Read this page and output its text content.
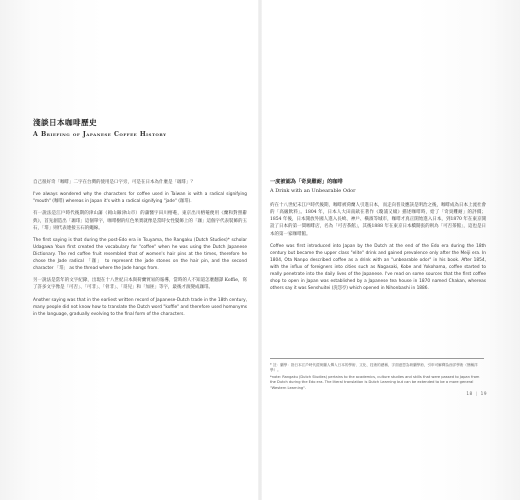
淺談日本咖啡歷史
A Briefing of Japanese Coffee History

自己很好奇「咖啡」二字在台灣的使用是口字旁，可是在日本為什麼是「珈琲」？

I've always wondered why the characters for coffee used in Taiwan is with a radical signifying "mouth" (咖啡) whereas in Japan it's with a radical signifying "jade" (珈琲).

有一說法是江戶時代後期的津山藩（岡山縣津山市）的藩醫宇田川榕菴，東京出川榕菴便用《蘭和對照辭典》，首先創造出「珈琲」這個單字，咖啡樹的紅色果實就像是當時女性髮飾上的「珈」這個字代表裝飾的玉石，「琲」則代表連接玉石的繩線。

The first saying is that during the post-Edo era in Tsuyama, the Rangaku (Dutch Studies)* scholar Udagawa Youn first created the vocabulary for "coffee" when he was using the Dutch Japanese Dictionary. The red coffee fruit resembled that of women's hair pins at the times, therefore he chose the Jade radical 「珈」 to represent the jade stones on the hair pin, and the second character 「琲」 as the thread where the Jade hangs from.

另一說法是當年的文字紀錄，出現在十八世紀日本與荷蘭貿易的報導，當時的人不知道怎麼翻譯 Koffie，寫了許多文字像是「可否」、「可非」、「骨非」、「哥兒」和「加匪」等字，最後才演變成珈琲。

Another saying was that in the earliest written record of Japanese-Dutch trade in the 18th century, many people did not know how to translate the Dutch word "koffie" and therefore used homonyms in the language, gradually evolving to the final form of the characters.

一度被認為「奇臭難耐」的咖啡
A Drink with an Unbearable Odor

約在十八世紀末江戶時代後期，咖啡被荷蘭人引進日本，而走向普及應該是明治之後，咖啡成為日本上流社會的「高級飲料」。1804 年，日本人大田南畝在著作《瓊浦又綴》描述咖啡時，給了「奇臭難耐」的評價；1854 年後，日本開放外國人進入長崎、神戶、橫濱等城市，咖啡才真正開始進入日本，到1870 年在東京開設了日本的第一間咖啡店，名為「可否茶館」，其後1888 年在東京日本橋開張的則為「可否茶館」，這也是日本的第一家咖啡館。

Coffee was first introduced into Japan by the Dutch at the end of the Edo era during the 18th century but became the upper class "elite" drink and gained prevalence only after the Meiji era. In 1804, Ota Nanpo described coffee as a drink with an "unbearable odor" in his book. After 1854, with the influx of foreigners into cities such as Nagasaki, Kobe and Yokohama, coffee started to really penetrate into the daily lives of the Japanese. I've read on some sources that the first coffee shop to open in Japan was established by a Japanese tea house in 1870 named Chakan, whereas others say it was Senshuitei (洗怨亭) which opened in Nihonbashi in 1886.

* 註：蘭學：指日本江戶時代經荷蘭人傳入日本的學術、文化、技術的總稱，字面意思為荷蘭學術，引申可解釋為西洋學術（簡稱洋學）。

*note: Rangaku (Dutch Studies) pertains to the academics, culture studies and skills that were passed to Japan from the Dutch during the Edo era. The literal translation is Dutch Learning but can be extended to be a more general "Western Learning".

18 | 19
